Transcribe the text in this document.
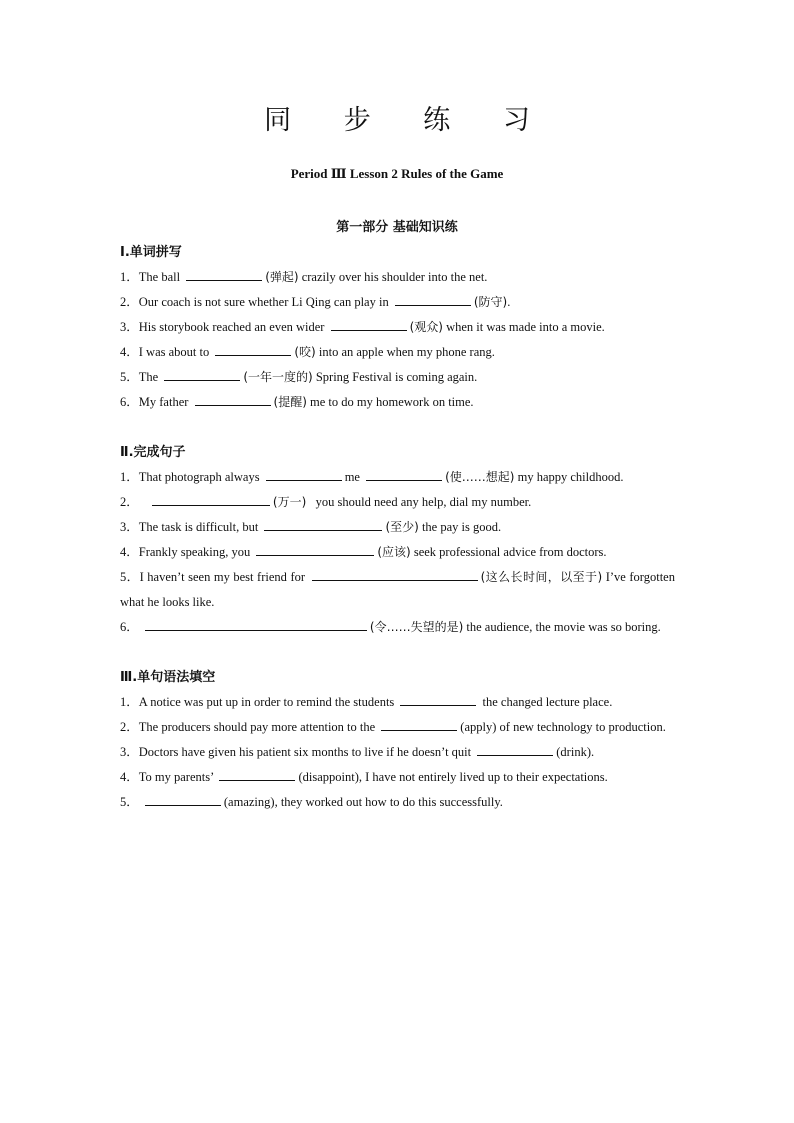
同 步 练 习
Period Ⅲ Lesson 2 Rules of the Game
第一部分 基础知识练
Ⅰ.单词拼写
1．The ball	(弹起) crazily over his shoulder into the net.
2．Our coach is not sure whether Li Qing can play in	(防守).
3．His storybook reached an even wider	(观众) when it was made into a movie.
4．I was about to	(咬) into an apple when my phone rang.
5．The	(一年一度的) Spring Festival is coming again.
6．My father	(提醒) me to do my homework on time.
Ⅱ.完成句子
1．That photograph always	me	(使……想起) my happy childhood.
2．	(万一) you should need any help, dial my number.
3．The task is difficult, but	(至少) the pay is good.
4．Frankly speaking, you	(应该) seek professional advice from doctors.
5．I haven’t seen my best friend for	(这么长时间，以至于) I’ve forgotten what he looks like.
6．	(令……失望的是) the audience, the movie was so boring.
Ⅲ.单句语法填空
1．A notice was put up in order to remind the students	the changed lecture place.
2．The producers should pay more attention to the	(apply) of new technology to production.
3．Doctors have given his patient six months to live if he doesn’t quit	(drink).
4．To my parents’	(disappoint), I have not entirely lived up to their expectations.
5．	(amazing), they worked out how to do this successfully.
